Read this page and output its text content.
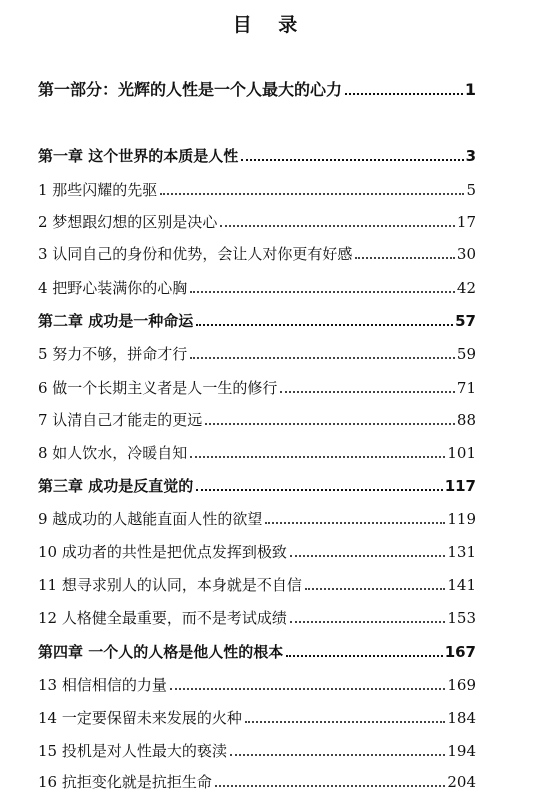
目 录
第一部分：光辉的人性是一个人最大的心力	1
第一章 这个世界的本质是人性	3
1 那些闪耀的先驱	5
2 梦想跟幻想的区别是决心	17
3 认同自己的身份和优势，会让人对你更有好感	30
4 把野心装满你的心胸	42
第二章 成功是一种命运	57
5 努力不够，拼命才行	59
6 做一个长期主义者是人一生的修行	71
7 认清自己才能走的更远	88
8 如人饮水，冷暖自知	101
第三章 成功是反直觉的	117
9 越成功的人越能直面人性的欲望	119
10 成功者的共性是把优点发挥到极致	131
11 想寻求别人的认同，本身就是不自信	141
12 人格健全最重要，而不是考试成绩	153
第四章 一个人的人格是他人性的根本	167
13 相信相信的力量	169
14 一定要保留未来发展的火种	184
15 投机是对人性最大的亵渎	194
16 抗拒变化就是抗拒生命	204
